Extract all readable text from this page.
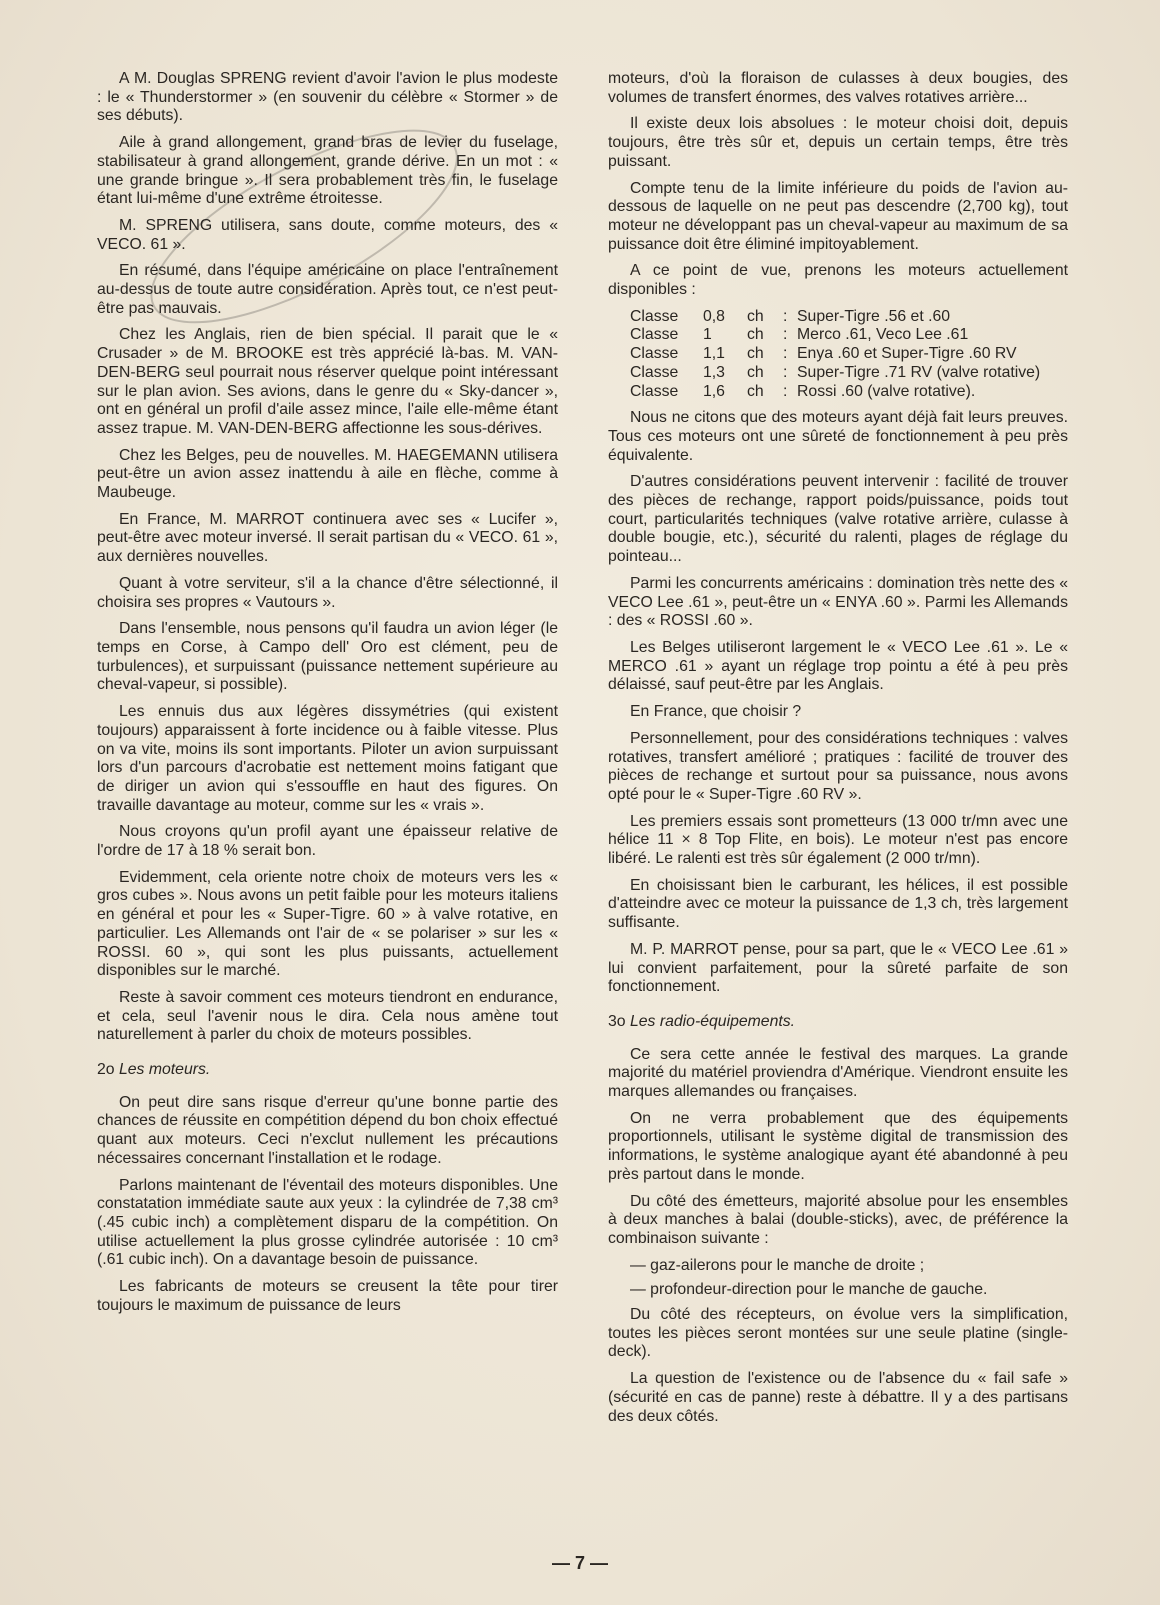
A M. Douglas SPRENG revient d'avoir l'avion le plus modeste : le « Thunderstormer » (en souvenir du célèbre « Stormer » de ses débuts).

Aile à grand allongement, grand bras de levier du fuselage, stabilisateur à grand allongement, grande dérive. En un mot : « une grande bringue ». Il sera probablement très fin, le fuselage étant lui-même d'une extrême étroitesse.

M. SPRENG utilisera, sans doute, comme moteurs, des « VECO. 61 ».

En résumé, dans l'équipe américaine on place l'entraînement au-dessus de toute autre considération. Après tout, ce n'est peut-être pas mauvais.

Chez les Anglais, rien de bien spécial. Il parait que le « Crusader » de M. BROOKE est très apprécié là-bas. M. VAN-DEN-BERG seul pourrait nous réserver quelque point intéressant sur le plan avion. Ses avions, dans le genre du « Sky-dancer », ont en général un profil d'aile assez mince, l'aile elle-même étant assez trapue. M. VAN-DEN-BERG affectionne les sous-dérives.

Chez les Belges, peu de nouvelles. M. HAEGEMANN utilisera peut-être un avion assez inattendu à aile en flèche, comme à Maubeuge.

En France, M. MARROT continuera avec ses « Lucifer », peut-être avec moteur inversé. Il serait partisan du « VECO. 61 », aux dernières nouvelles.

Quant à votre serviteur, s'il a la chance d'être sélectionné, il choisira ses propres « Vautours ».

Dans l'ensemble, nous pensons qu'il faudra un avion léger (le temps en Corse, à Campo dell' Oro est clément, peu de turbulences), et surpuissant (puissance nettement supérieure au cheval-vapeur, si possible).

Les ennuis dus aux légères dissymétries (qui existent toujours) apparaissent à forte incidence ou à faible vitesse. Plus on va vite, moins ils sont importants. Piloter un avion surpuissant lors d'un parcours d'acrobatie est nettement moins fatigant que de diriger un avion qui s'essouffle en haut des figures. On travaille davantage au moteur, comme sur les « vrais ».

Nous croyons qu'un profil ayant une épaisseur relative de l'ordre de 17 à 18 % serait bon.

Evidemment, cela oriente notre choix de moteurs vers les « gros cubes ». Nous avons un petit faible pour les moteurs italiens en général et pour les « Super-Tigre. 60 » à valve rotative, en particulier. Les Allemands ont l'air de « se polariser » sur les « ROSSI. 60 », qui sont les plus puissants, actuellement disponibles sur le marché.

Reste à savoir comment ces moteurs tiendront en endurance, et cela, seul l'avenir nous le dira. Cela nous amène tout naturellement à parler du choix de moteurs possibles.

2o Les moteurs.

On peut dire sans risque d'erreur qu'une bonne partie des chances de réussite en compétition dépend du bon choix effectué quant aux moteurs. Ceci n'exclut nullement les précautions nécessaires concernant l'installation et le rodage.

Parlons maintenant de l'éventail des moteurs disponibles. Une constatation immédiate saute aux yeux : la cylindrée de 7,38 cm³ (.45 cubic inch) a complètement disparu de la compétition. On utilise actuellement la plus grosse cylindrée autorisée : 10 cm³ (.61 cubic inch). On a davantage besoin de puissance.

Les fabricants de moteurs se creusent la tête pour tirer toujours le maximum de puissance de leurs

moteurs, d'où la floraison de culasses à deux bougies, des volumes de transfert énormes, des valves rotatives arrière...

Il existe deux lois absolues : le moteur choisi doit, depuis toujours, être très sûr et, depuis un certain temps, être très puissant.

Compte tenu de la limite inférieure du poids de l'avion au-dessous de laquelle on ne peut pas descendre (2,700 kg), tout moteur ne développant pas un cheval-vapeur au maximum de sa puissance doit être éliminé impitoyablement.

A ce point de vue, prenons les moteurs actuellement disponibles :

Classe	0,8	ch	: Super-Tigre .56 et .60
Classe	1	ch	: Merco .61, Veco Lee .61
Classe	1,1	ch	: Enya .60 et Super-Tigre .60 RV
Classe	1,3	ch	: Super-Tigre .71 RV (valve rotative)
Classe	1,6	ch	: Rossi .60 (valve rotative).

Nous ne citons que des moteurs ayant déjà fait leurs preuves. Tous ces moteurs ont une sûreté de fonctionnement à peu près équivalente.

D'autres considérations peuvent intervenir : facilité de trouver des pièces de rechange, rapport poids/puissance, poids tout court, particularités techniques (valve rotative arrière, culasse à double bougie, etc.), sécurité du ralenti, plages de réglage du pointeau...

Parmi les concurrents américains : domination très nette des « VECO Lee .61 », peut-être un « ENYA .60 ». Parmi les Allemands : des « ROSSI .60 ».

Les Belges utiliseront largement le « VECO Lee .61 ». Le « MERCO .61 » ayant un réglage trop pointu a été à peu près délaissé, sauf peut-être par les Anglais.

En France, que choisir ?

Personnellement, pour des considérations techniques : valves rotatives, transfert amélioré ; pratiques : facilité de trouver des pièces de rechange et surtout pour sa puissance, nous avons opté pour le « Super-Tigre .60 RV ».

Les premiers essais sont prometteurs (13 000 tr/mn avec une hélice 11 × 8 Top Flite, en bois). Le moteur n'est pas encore libéré. Le ralenti est très sûr également (2 000 tr/mn).

En choisissant bien le carburant, les hélices, il est possible d'atteindre avec ce moteur la puissance de 1,3 ch, très largement suffisante.

M. P. MARROT pense, pour sa part, que le « VECO Lee .61 » lui convient parfaitement, pour la sûreté parfaite de son fonctionnement.

3o Les radio-équipements.

Ce sera cette année le festival des marques. La grande majorité du matériel proviendra d'Amérique. Viendront ensuite les marques allemandes ou françaises.

On ne verra probablement que des équipements proportionnels, utilisant le système digital de transmission des informations, le système analogique ayant été abandonné à peu près partout dans le monde.

Du côté des émetteurs, majorité absolue pour les ensembles à deux manches à balai (double-sticks), avec, de préférence la combinaison suivante :

— gaz-ailerons pour le manche de droite ;
— profondeur-direction pour le manche de gauche.

Du côté des récepteurs, on évolue vers la simplification, toutes les pièces seront montées sur une seule platine (single-deck).

La question de l'existence ou de l'absence du « fail safe » (sécurité en cas de panne) reste à débattre. Il y a des partisans des deux côtés.

— 7 —
